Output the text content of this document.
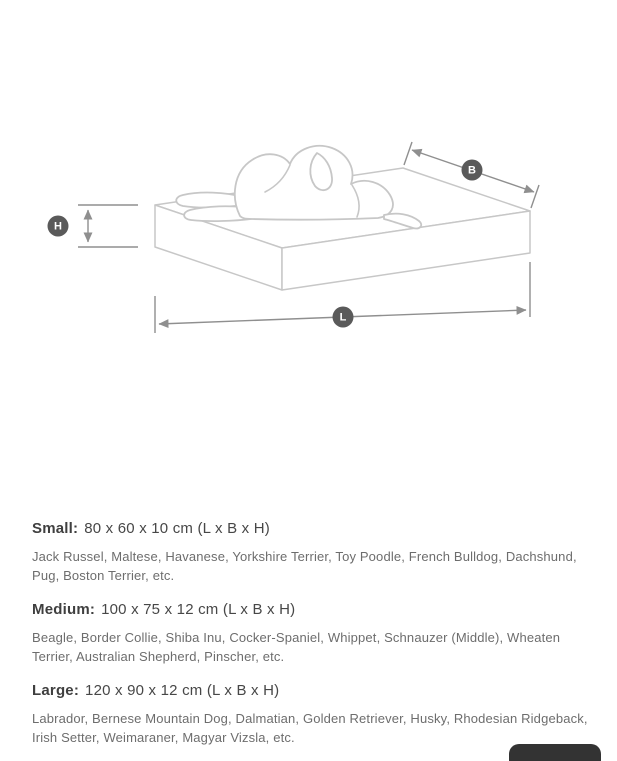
H
B
L
Small: 80 x 60 x 10 cm (L x B x H)

Jack Russel, Maltese, Havanese, Yorkshire Terrier, Toy Poodle, French Bulldog, Dachshund, Pug, Boston Terrier, etc.

Medium: 100 x 75 x 12 cm (L x B x H)

Beagle, Border Collie, Shiba Inu, Cocker-Spaniel, Whippet, Schnauzer (Middle), Wheaten Terrier, Australian Shepherd, Pinscher, etc.

Large: 120 x 90 x 12 cm (L x B x H)

Labrador, Bernese Mountain Dog, Dalmatian, Golden Retriever, Husky, Rhodesian Ridgeback, Irish Setter, Weimaraner, Magyar Vizsla, etc.
